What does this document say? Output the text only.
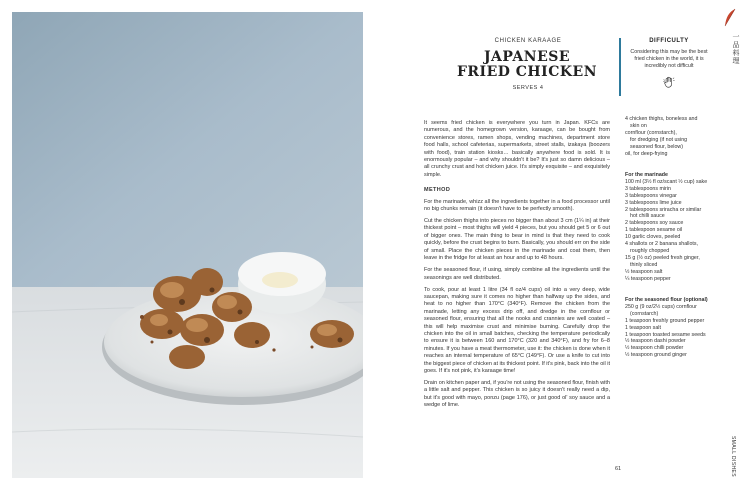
一
品
料
理
CHICKEN KARAAGE
JAPANESE
FRIED CHICKEN
SERVES 4

It seems fried chicken is everywhere you turn in Japan. KFCs are numerous, and the homegrown version, karaage, can be bought from convenience stores, ramen shops, vending machines, department store food halls, school cafeterias, supermarkets, street stalls, izakaya (boozers with food), train station kiosks… basically anywhere food is sold. It is enormously popular – and why shouldn't it be? It's just so damn delicious – all crunchy crust and hot chicken juice. It's simply exquisite – and exquisitely simple.

METHOD

For the marinade, whizz all the ingredients together in a food processor until no big chunks remain (it doesn't have to be perfectly smooth).

Cut the chicken thighs into pieces no bigger than about 3 cm (1¼ in) at their thickest point – most thighs will yield 4 pieces, but you should get 5 or 6 out of bigger ones. The main thing to bear in mind is that they need to cook quickly, before the crust begins to burn. Basically, you should err on the side of small. Place the chicken pieces in the marinade and coat them, then leave in the fridge for at least an hour and up to 48 hours.

For the seasoned flour, if using, simply combine all the ingredients until the seasonings are well distributed.

To cook, pour at least 1 litre (34 fl oz/4 cups) oil into a very deep, wide saucepan, making sure it comes no higher than halfway up the sides, and heat to no higher than 170°C (340°F). Remove the chicken from the marinade, letting any excess drip off, and dredge in the cornflour or seasoned flour, ensuring that all the nooks and crannies are well coated – this will help maximise crust and minimise burning. Carefully drop the chicken into the oil in small batches, checking the temperature periodically to ensure it is between 160 and 170°C (320 and 340°F), and fry for 6–8 minutes. If you have a meat thermometer, use it: the chicken is done when it reaches an internal temperature of 65°C (149°F). Or use a knife to cut into the biggest piece of chicken at its thickest point. If it's pink, back into the oil it goes. If it's not pink, it's karaage time!

Drain on kitchen paper and, if you're not using the seasoned flour, finish with a little salt and pepper. This chicken is so juicy it doesn't really need a dip, but it's good with mayo, ponzu (page 176), or just good ol' soy sauce and a wedge of lime.

61
DIFFICULTY
Considering this may be the best fried chicken in the world, it is incredibly not difficult
4 chicken thighs, boneless and
skin on
cornflour (cornstarch),
for dredging (if not using
seasoned flour, below)
oil, for deep-frying
For the marinade
100 ml (3½ fl oz/scant ½ cup) sake
3 tablespoons mirin
3 tablespoons vinegar
3 tablespoons lime juice
2 tablespoons sriracha or similar
hot chilli sauce
2 tablespoons soy sauce
1 tablespoon sesame oil
10 garlic cloves, peeled
4 shallots or 2 banana shallots,
roughly chopped
15 g (½ oz) peeled fresh ginger,
thinly sliced
½ teaspoon salt
¼ teaspoon pepper
For the seasoned flour (optional)
250 g (9 oz/2½ cups) cornflour
(cornstarch)
1 teaspoon freshly ground pepper
1 teaspoon salt
1 teaspoon toasted sesame seeds
½ teaspoon dashi powder
½ teaspoon chilli powder
½ teaspoon ground ginger
SMALL DISHES
